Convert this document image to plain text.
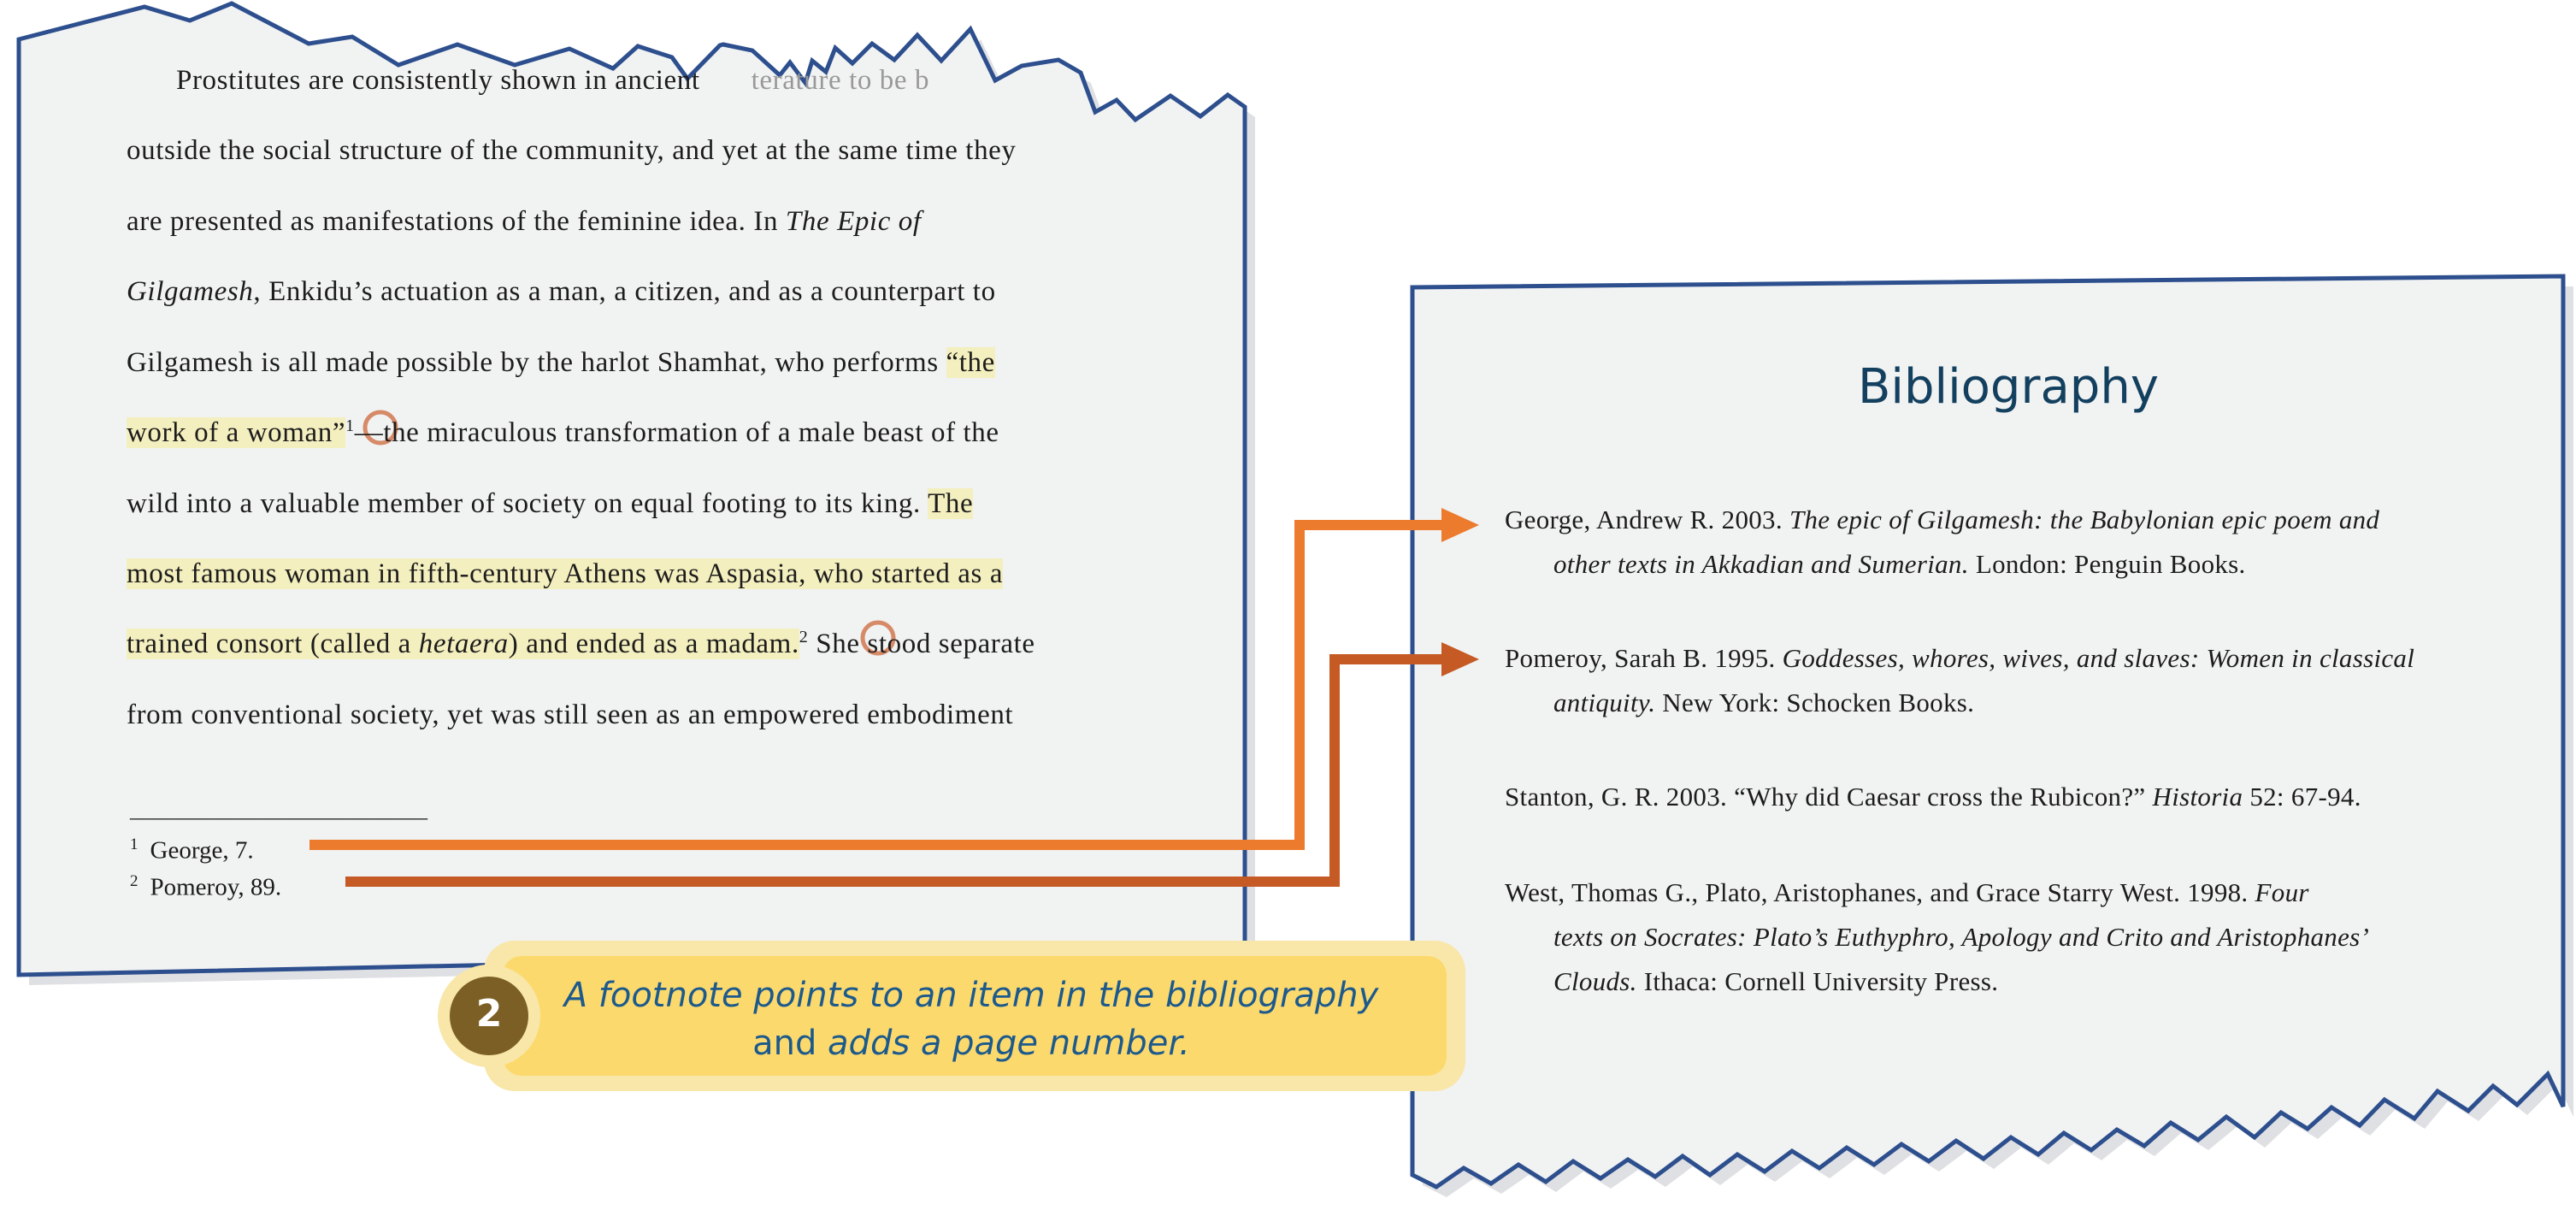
Prostitutes are consistently shown in ancient terature to be b
outside the social structure of the community, and yet at the same time they
are presented as manifestations of the feminine idea. In The Epic of
Gilgamesh, Enkidu’s actuation as a man, a citizen, and as a counterpart to
Gilgamesh is all made possible by the harlot Shamhat, who performs “the
work of a woman”$^1$—the miraculous transformation of a male beast of the
wild into a valuable member of society on equal footing to its king. The
most famous woman in fifth-century Athens was Aspasia, who started as a
trained consort (called a hetaera) and ended as a madam.$^2$ She stood separate
from conventional society, yet was still seen as an empowered embodiment
________________________
$^1$ George, 7.
$^2$ Pomeroy, 89.
Bibliography
George, Andrew R. 2003. The epic of Gilgamesh: the Babylonian epic poem and
other texts in Akkadian and Sumerian. London: Penguin Books.
Pomeroy, Sarah B. 1995. Goddesses, whores, wives, and slaves: Women in classical
antiquity. New York: Schocken Books.
Stanton, G. R. 2003. “Why did Caesar cross the Rubicon?” Historia 52: 67-94.
West, Thomas G., Plato, Aristophanes, and Grace Starry West. 1998. Four
texts on Socrates: Plato’s Euthyphro, Apology and Crito and Aristophanes’
Clouds. Ithaca: Cornell University Press.
2	A footnote points to an item in the bibliography
and adds a page number.
